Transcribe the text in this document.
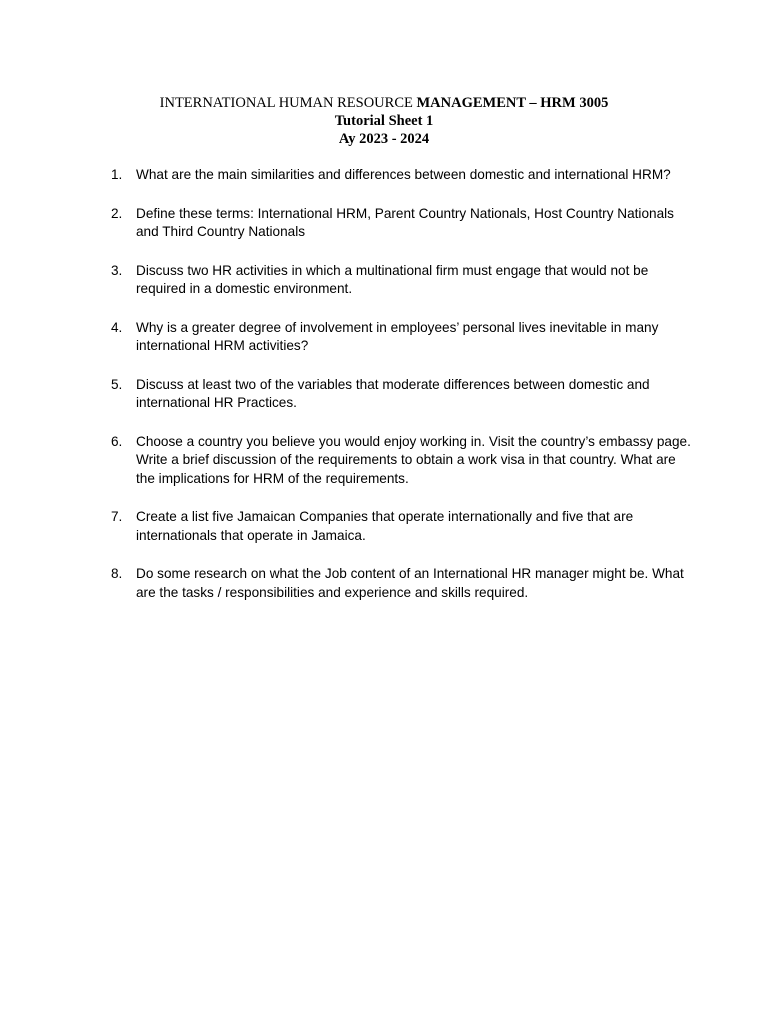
INTERNATIONAL HUMAN RESOURCE MANAGEMENT – HRM 3005
Tutorial Sheet 1
Ay 2023 - 2024
1. What are the main similarities and differences between domestic and international HRM?
2. Define these terms: International HRM, Parent Country Nationals, Host Country Nationals and Third Country Nationals
3. Discuss two HR activities in which a multinational firm must engage that would not be required in a domestic environment.
4. Why is a greater degree of involvement in employees’ personal lives inevitable in many international HRM activities?
5. Discuss at least two of the variables that moderate differences between domestic and international HR Practices.
6. Choose a country you believe you would enjoy working in. Visit the country’s embassy page. Write a brief discussion of the requirements to obtain a work visa in that country. What are the implications for HRM of the requirements.
7. Create a list five Jamaican Companies that operate internationally and five that are internationals that operate in Jamaica.
8. Do some research on what the Job content of an International HR manager might be. What are the tasks / responsibilities and experience and skills required.
